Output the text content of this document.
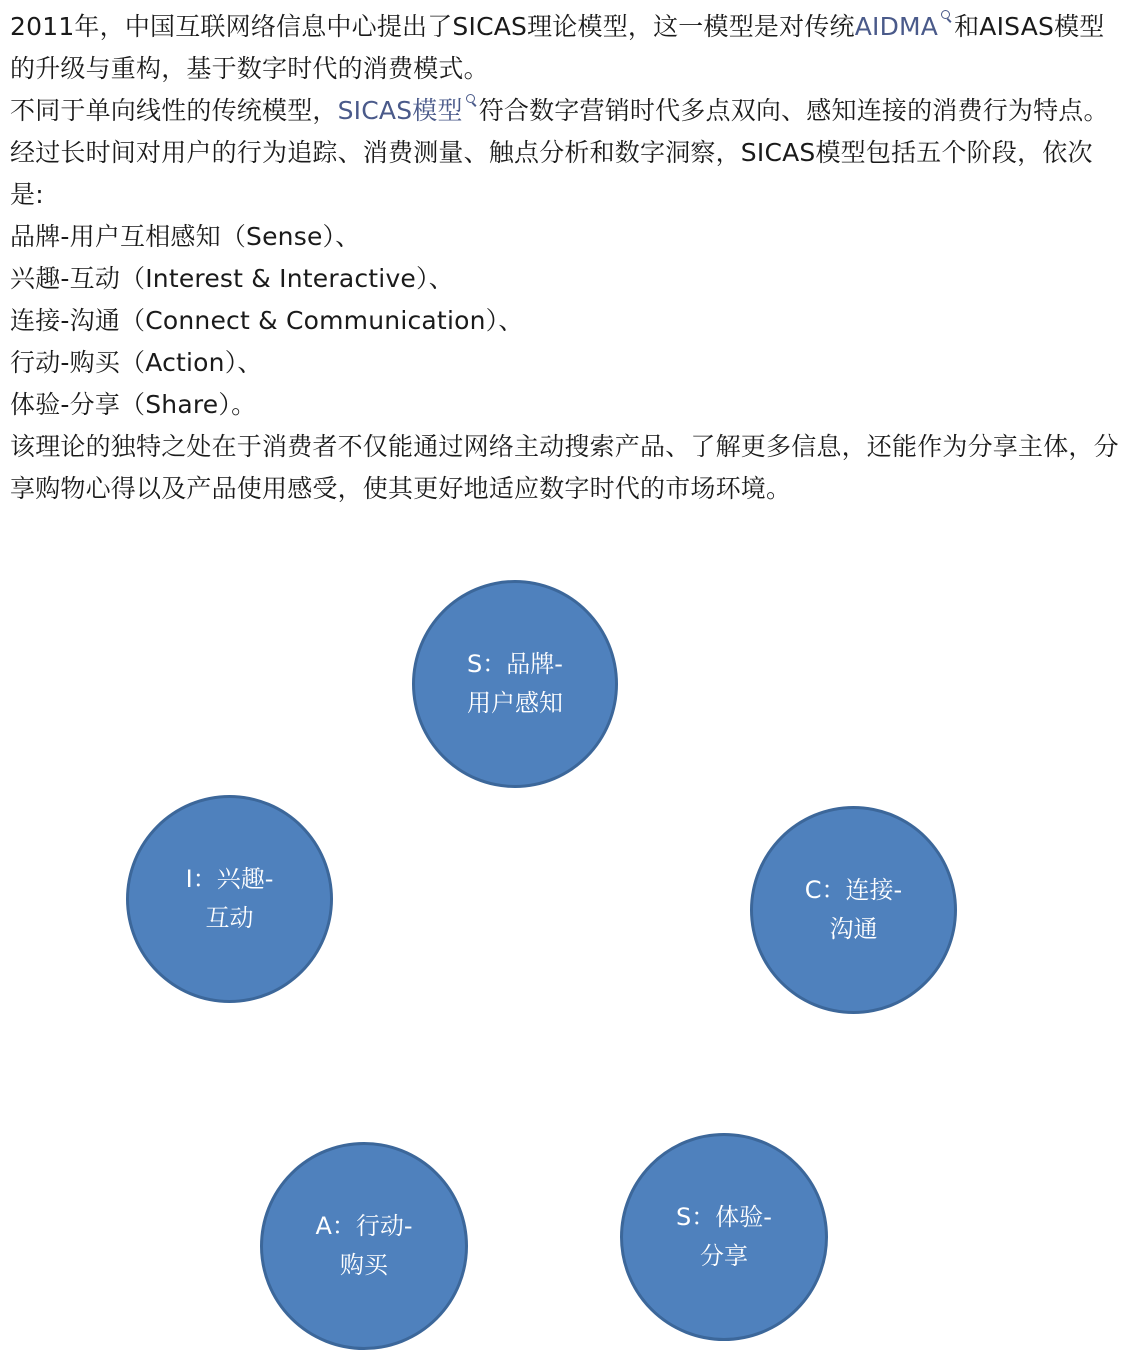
2011年，中国互联网络信息中心提出了SICAS理论模型，这一模型是对传统AIDMA 和AISAS模型的升级与重构，基于数字时代的消费模式。

不同于单向线性的传统模型，SICAS模型 符合数字营销时代多点双向、感知连接的消费行为特点。

经过长时间对用户的行为追踪、消费测量、触点分析和数字洞察，SICAS模型包括五个阶段，依次是:

品牌-用户互相感知（Sense）、

兴趣-互动（Interest & Interactive）、

连接-沟通（Connect & Communication）、

行动-购买（Action）、

体验-分享（Share）。

该理论的独特之处在于消费者不仅能通过网络主动搜索产品、了解更多信息，还能作为分享主体，分享购物心得以及产品使用感受，使其更好地适应数字时代的市场环境。

S：品牌-用户感知
I：兴趣-互动
C：连接-沟通
A：行动-购买
S：体验-分享
